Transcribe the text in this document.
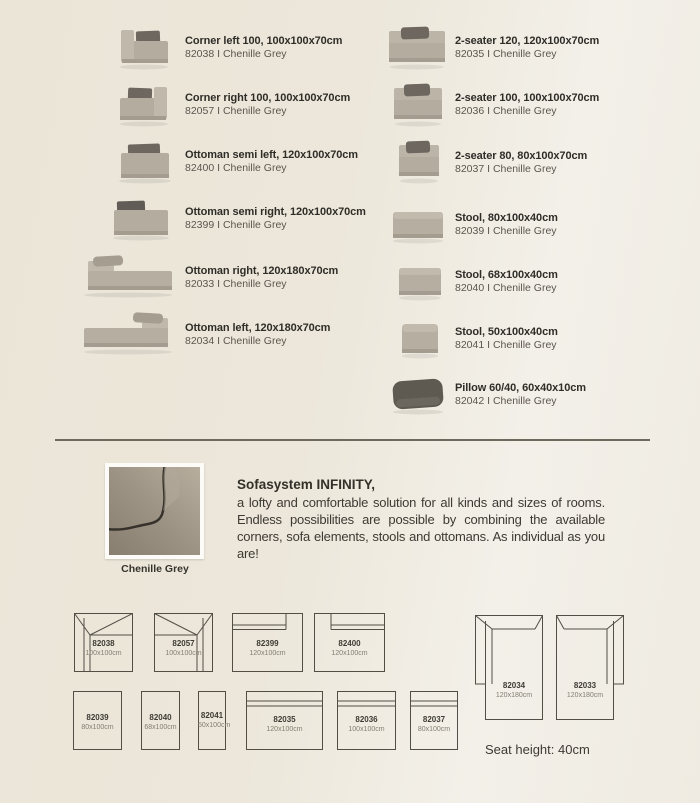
Corner left 100, 100x100x70cm
82038 I Chenille Grey
Corner right 100, 100x100x70cm
82057 I Chenille Grey
Ottoman semi left, 120x100x70cm
82400 I Chenille Grey
Ottoman semi right, 120x100x70cm
82399 I Chenille Grey
Ottoman right, 120x180x70cm
82033 I Chenille Grey
Ottoman left, 120x180x70cm
82034 I Chenille Grey
2-seater 120, 120x100x70cm
82035 I Chenille Grey
2-seater 100, 100x100x70cm
82036 I Chenille Grey
2-seater 80, 80x100x70cm
82037 I Chenille Grey
Stool, 80x100x40cm
82039 I Chenille Grey
Stool, 68x100x40cm
82040 I Chenille Grey
Stool, 50x100x40cm
82041 I Chenille Grey
Pillow 60/40, 60x40x10cm
82042 I Chenille Grey
Chenille Grey
Sofasystem INFINITY,
a lofty and comfortable solution for all kinds and sizes of rooms. Endless possibilities are possible by combining the available corners, sofa elements, stools and ottomans. As individual as you are!
82038
100x100cm
82057
100x100cm
82399
120x100cm
82400
120x100cm
82039
80x100cm
82040
68x100cm
82041
50x100cm
82035
120x100cm
82036
100x100cm
82037
80x100cm
82034
120x180cm
82033
120x180cm
Seat height: 40cm
